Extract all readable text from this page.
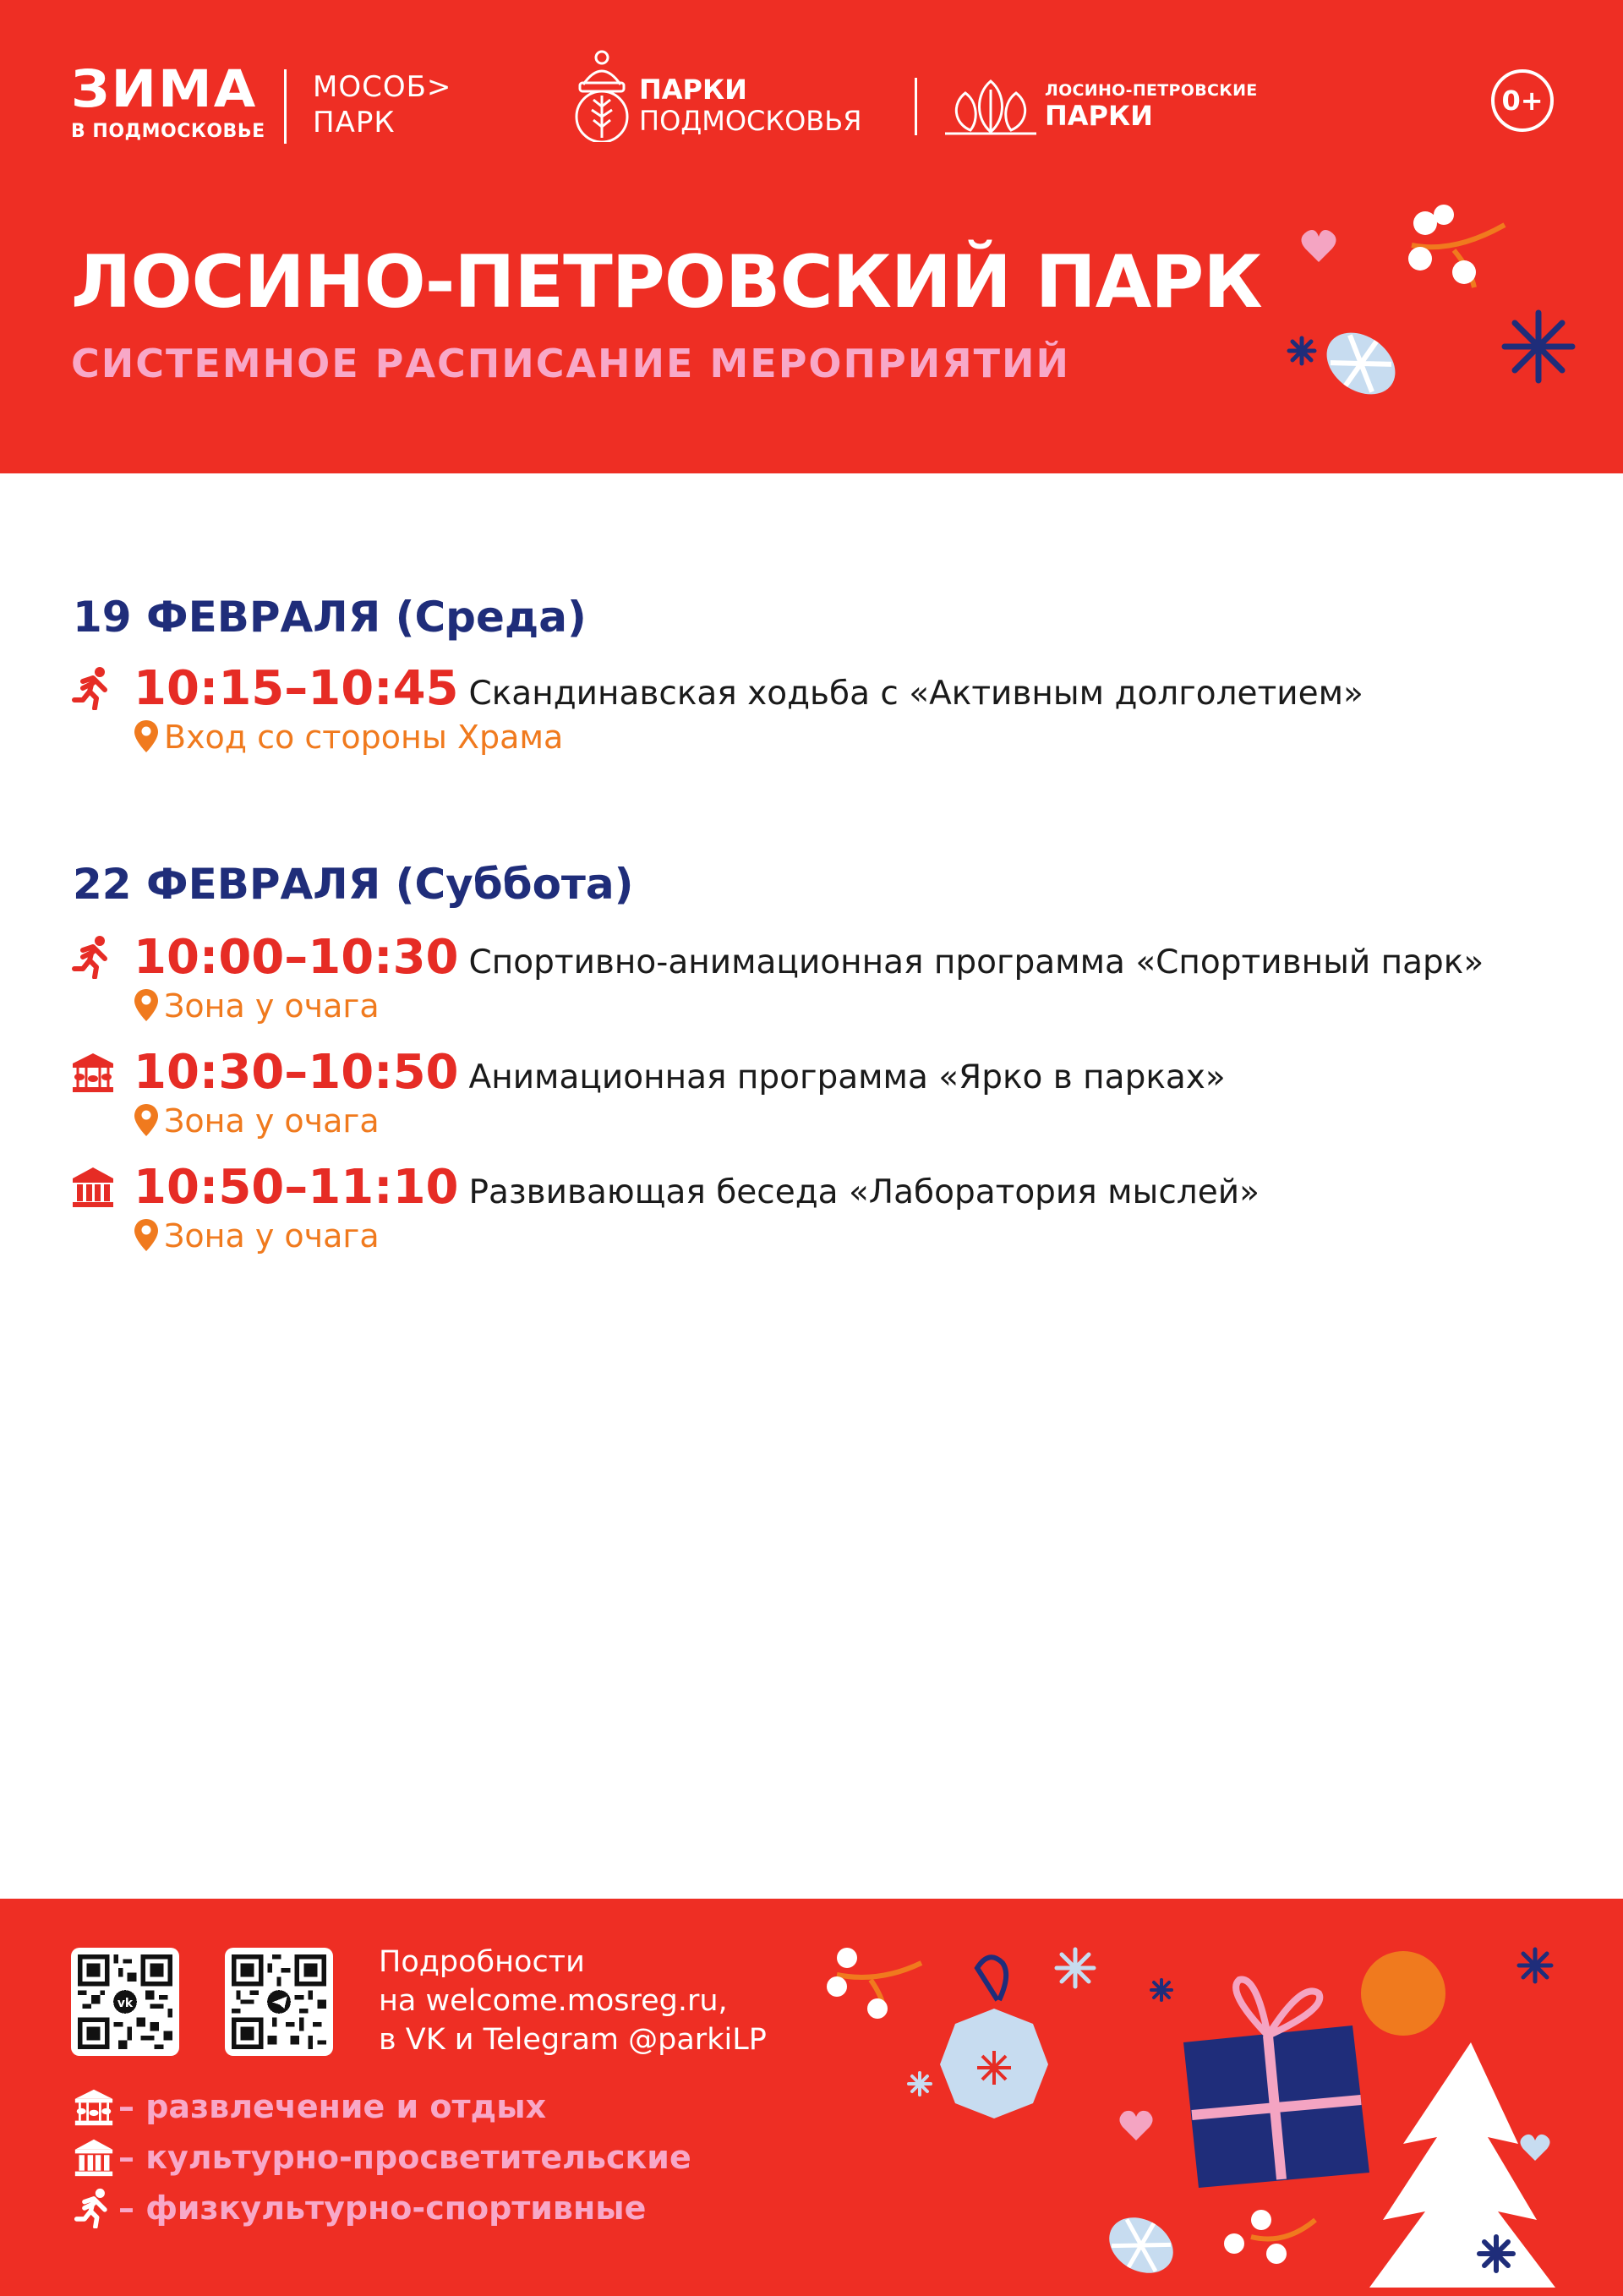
ЗИМА
В ПОДМОСКОВЬЕ
МОСОБ>
ПАРК
ПАРКИ
ПОДМОСКОВЬЯ
ЛОСИНО-ПЕТРОВСКИЕ
ПАРКИ	0+
ЛОСИНО-ПЕТРОВСКИЙ ПАРК
СИСТЕМНОЕ РАСПИСАНИЕ МЕРОПРИЯТИЙ
19 ФЕВРАЛЯ (Среда)
10:15–10:45 Скандинавская ходьба с «Активным долголетием»
Вход со стороны Храма
22 ФЕВРАЛЯ (Суббота)
10:00–10:30 Спортивно-анимационная программа «Спортивный парк»
Зона у очага
10:30–10:50 Анимационная программа «Ярко в парках»
Зона у очага
10:50–11:10 Развивающая беседа «Лаборатория мыслей»
Зона у очага
vk
Подробности
на welcome.mosreg.ru,
в VK и Telegram @parkiLP
– развлечение и отдых
– культурно-просветительские
– физкультурно-спортивные
